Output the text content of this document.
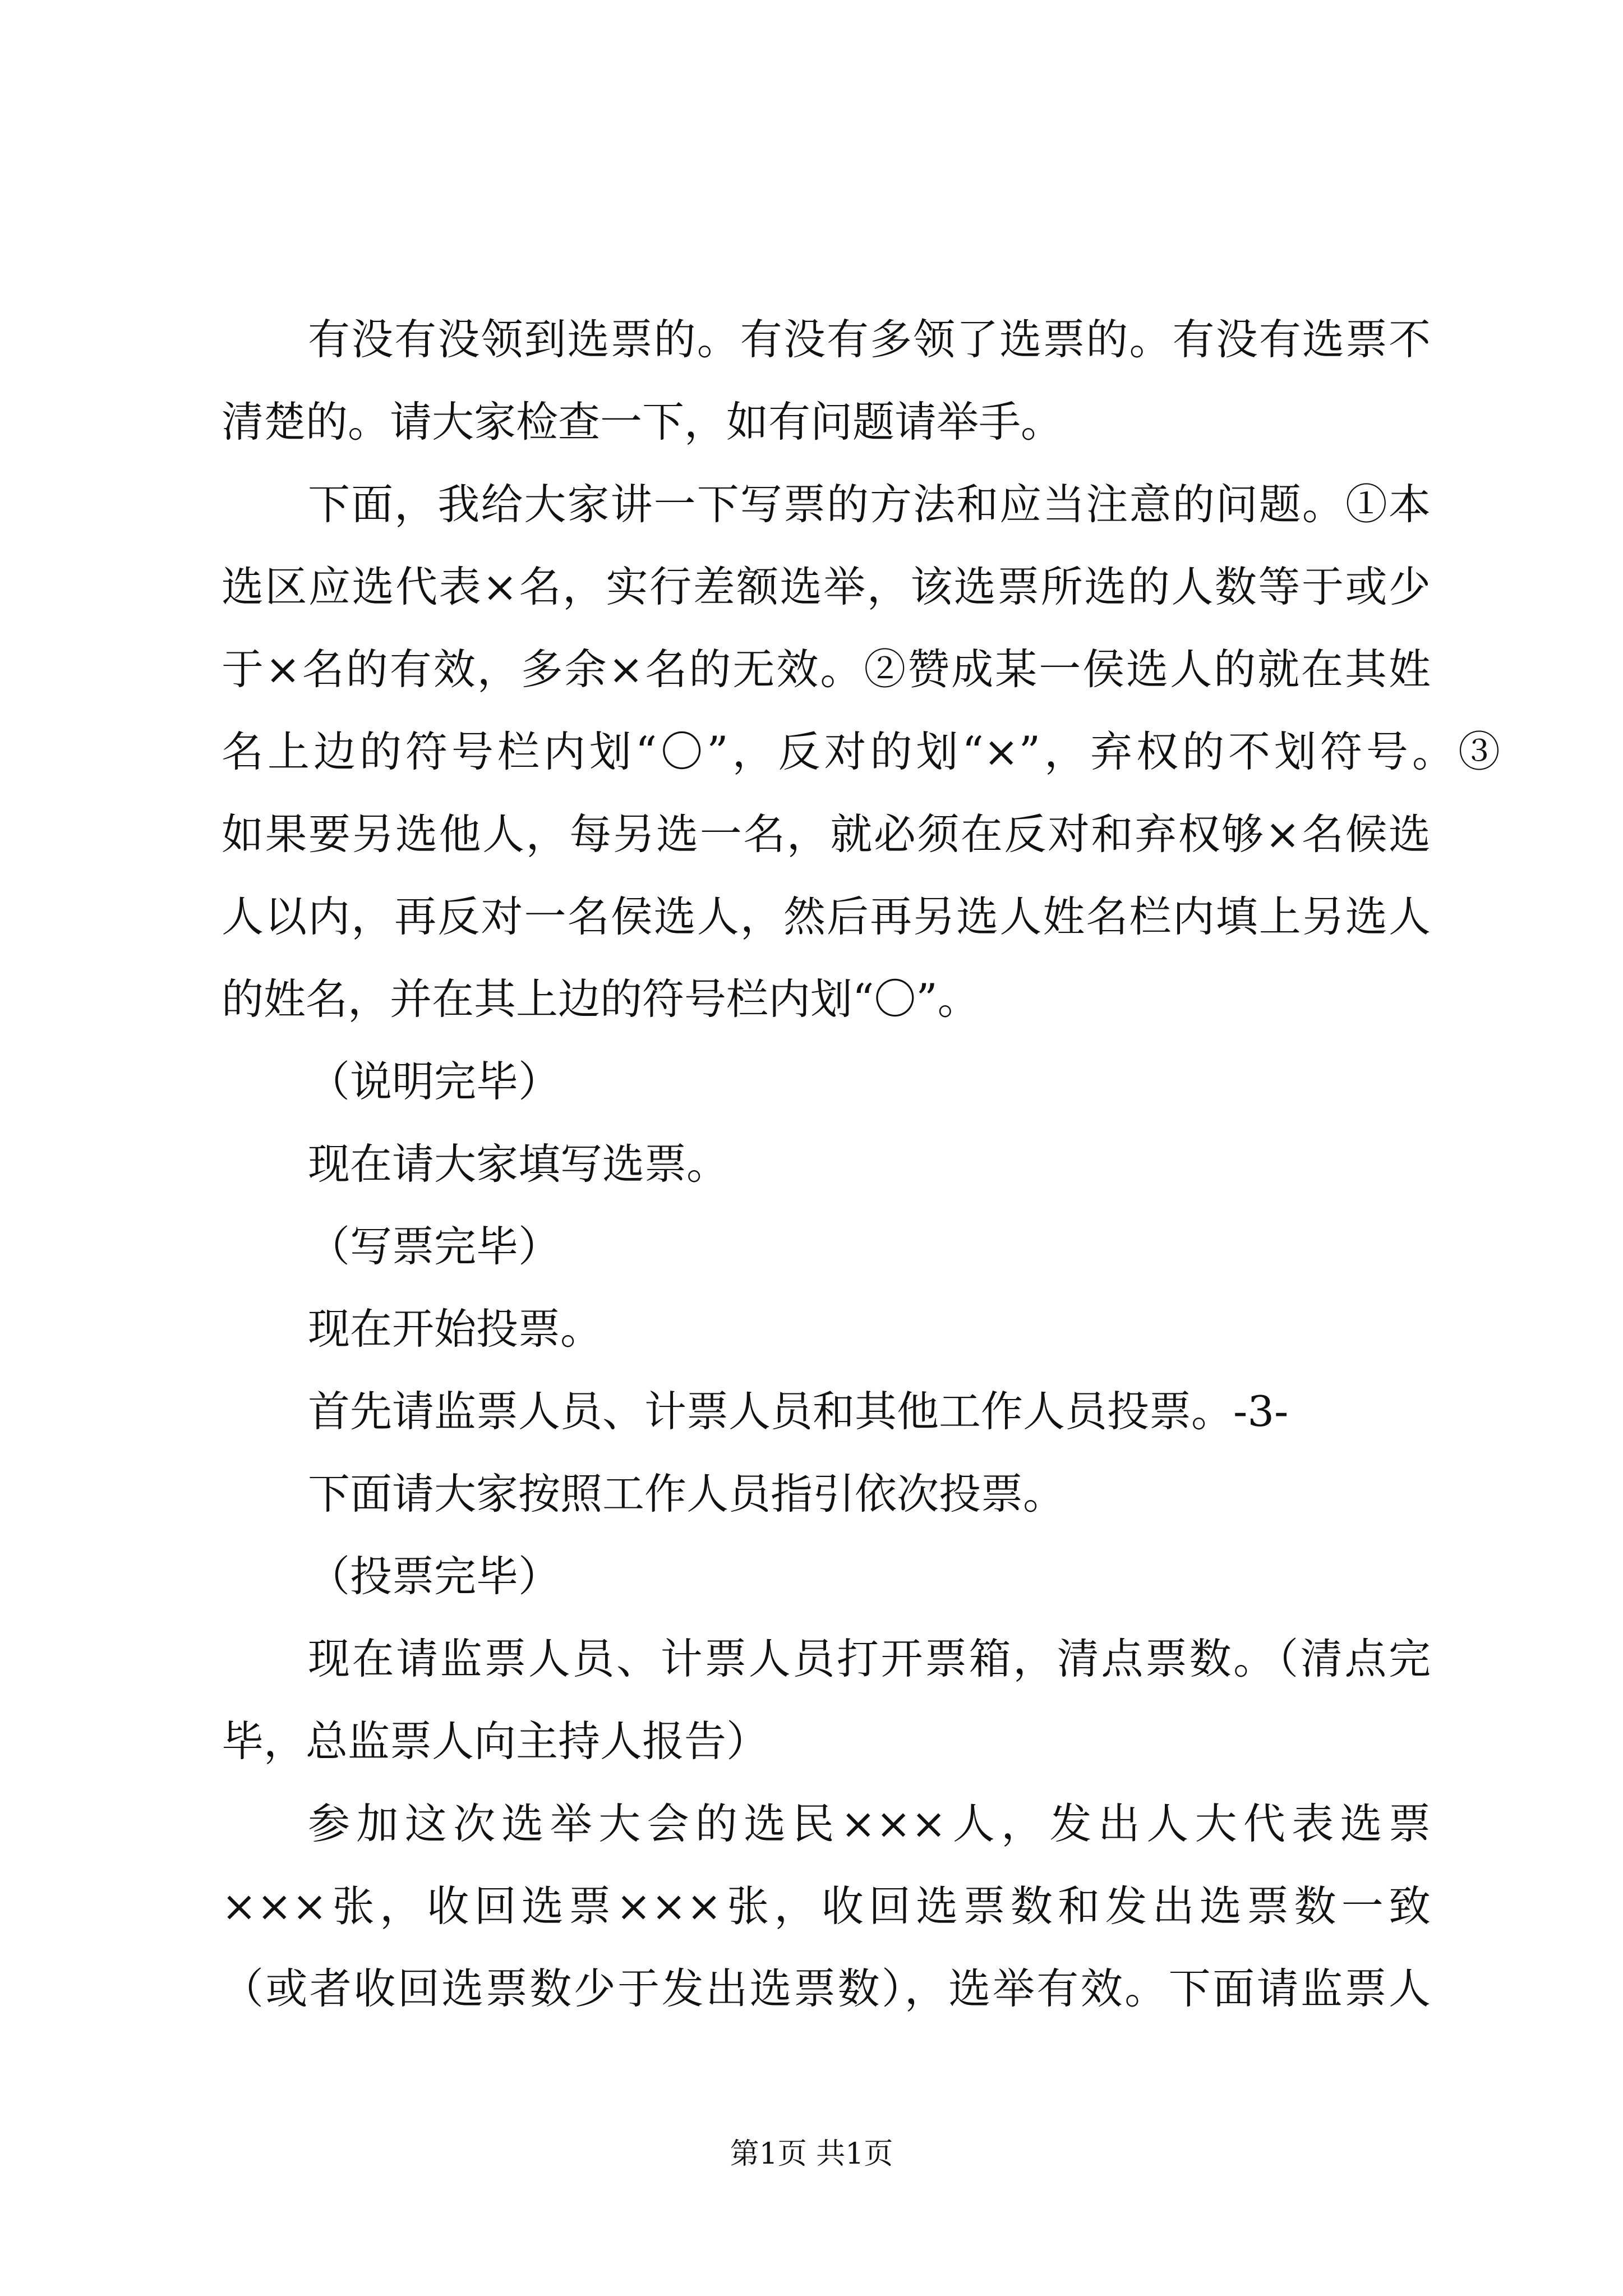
有没有没领到选票的。有没有多领了选票的。有没有选票不
清楚的。请大家检查一下，如有问题请举手。
下面，我给大家讲一下写票的方法和应当注意的问题。①本
选区应选代表×名，实行差额选举，该选票所选的人数等于或少
于×名的有效，多余×名的无效。②赞成某一侯选人的就在其姓
名上边的符号栏内划“〇”，反对的划“×”，弃权的不划符号。③
如果要另选他人，每另选一名，就必须在反对和弃权够×名候选
人以内，再反对一名侯选人，然后再另选人姓名栏内填上另选人
的姓名，并在其上边的符号栏内划“〇”。
（说明完毕）
现在请大家填写选票。
（写票完毕）
现在开始投票。
首先请监票人员、计票人员和其他工作人员投票。-3-
下面请大家按照工作人员指引依次投票。
（投票完毕）
现在请监票人员、计票人员打开票箱，清点票数。（清点完
毕，总监票人向主持人报告）
参加这次选举大会的选民×××人，发出人大代表选票
×××张，收回选票×××张，收回选票数和发出选票数一致
（或者收回选票数少于发出选票数），选举有效。下面请监票人
第1页 共1页
